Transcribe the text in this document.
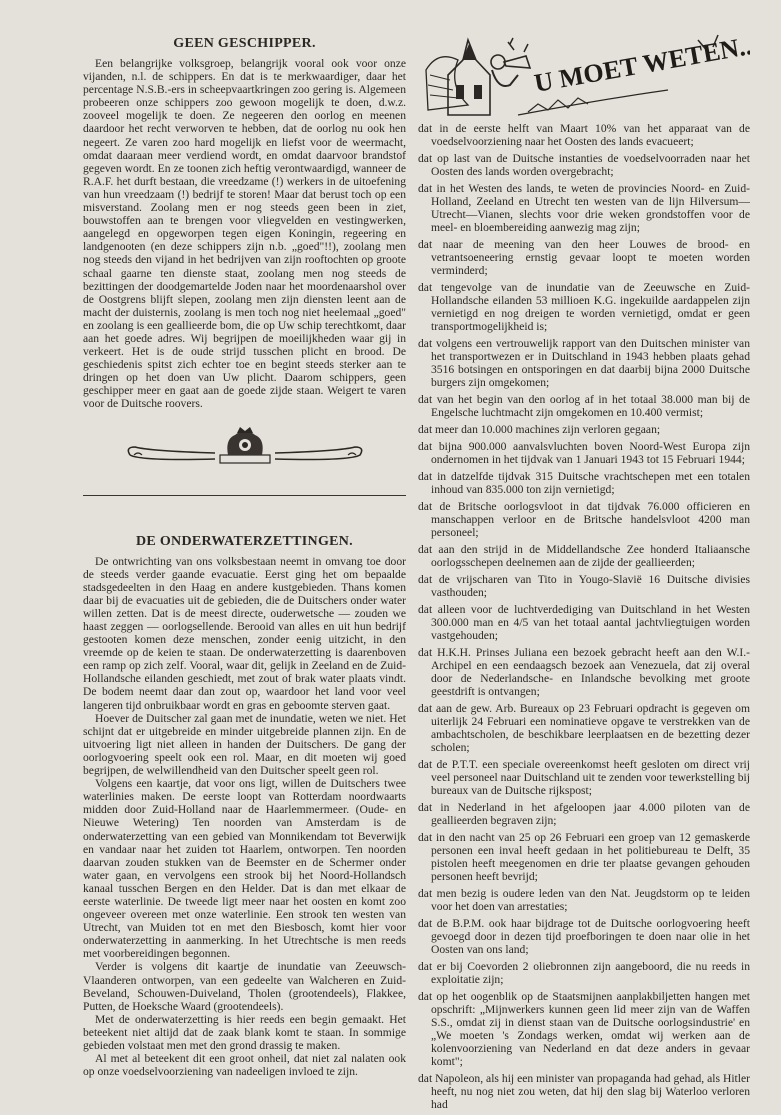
GEEN GESCHIPPER.

Een belangrijke volksgroep, belangrijk vooral ook voor onze vijanden, n.l. de schippers. En dat is te merkwaardiger, daar het percentage N.S.B.-ers in scheepvaartkringen zoo gering is. Algemeen probeeren onze schippers zoo gewoon mogelijk te doen, d.w.z. zooveel mogelijk te doen. Ze negeeren den oorlog en meenen daardoor het recht verworven te hebben, dat de oorlog nu ook hen negeert. Ze varen zoo hard mogelijk en liefst voor de weermacht, omdat daaraan meer verdiend wordt, en omdat daarvoor brandstof gegeven wordt. En ze toonen zich heftig verontwaardigd, wanneer de R.A.F. het durft bestaan, die vreedzame (!) werkers in de uitoefening van hun vreedzaam (!) bedrijf te storen! Maar dat berust toch op een misverstand. Zoolang men er nog steeds geen been in ziet, bouwstoffen aan te brengen voor vliegvelden en vestingwerken, aangelegd en opgeworpen tegen eigen Koningin, regeering en landgenooten (en deze schippers zijn n.b. „goed"!!), zoolang men nog steeds den vijand in het bedrijven van zijn rooftochten op groote schaal gaarne ten dienste staat, zoolang men nog steeds de bezittingen der doodgemartelde Joden naar het moordenaarshol over de Oostgrens blijft slepen, zoolang men zijn diensten leent aan de macht der duisternis, zoolang is men toch nog niet heelemaal „goed" en zoolang is een geallieerde bom, die op Uw schip terechtkomt, daar aan het goede adres. Wij begrijpen de moeilijkheden waar gij in verkeert. Het is de oude strijd tusschen plicht en brood. De geschiedenis spitst zich echter toe en begint steeds sterker aan te dringen op het doen van Uw plicht. Daarom schippers, geen geschipper meer en gaat aan de goede zijde staan. Weigert te varen voor de Duitsche roovers.

DE ONDERWATERZETTINGEN.

De ontwrichting van ons volksbestaan neemt in omvang toe door de steeds verder gaande evacuatie. Eerst ging het om bepaalde stadsgedeelten in den Haag en andere kustgebieden. Thans komen daar bij de evacuaties uit de gebieden, die de Duitschers onder water willen zetten. Dat is de meest directe, ouderwetsche — zouden we haast zeggen — oorlogsellende. Berooid van alles en uit hun bedrijf gestooten komen deze menschen, zonder eenig uitzicht, in den vreemde op de keien te staan. De onderwaterzetting is daarenboven een ramp op zich zelf. Vooral, waar dit, gelijk in Zeeland en de Zuid-Hollandsche eilanden geschiedt, met zout of brak water plaats vindt. De bodem neemt daar dan zout op, waardoor het land voor veel langeren tijd onbruikbaar wordt en gras en geboomte sterven gaat.

Hoever de Duitscher zal gaan met de inundatie, weten we niet. Het schijnt dat er uitgebreide en minder uitgebreide plannen zijn. En de uitvoering ligt niet alleen in handen der Duitschers. De gang der oorlogvoering speelt ook een rol. Maar, en dit moeten wij goed begrijpen, de welwillendheid van den Duitscher speelt geen rol.

Volgens een kaartje, dat voor ons ligt, willen de Duitschers twee waterlinies maken. De eerste loopt van Rotterdam noordwaarts midden door Zuid-Holland naar de Haarlemmermeer. (Oude- en Nieuwe Wetering) Ten noorden van Amsterdam is de onderwaterzetting van een gebied van Monnikendam tot Beverwijk en vandaar naar het zuiden tot Haarlem, ontworpen. Ten noorden daarvan zouden stukken van de Beemster en de Schermer onder water gaan, en vervolgens een strook bij het Noord-Hollandsch kanaal tusschen Bergen en den Helder. Dat is dan met elkaar de eerste waterlinie. De tweede ligt meer naar het oosten en komt zoo ongeveer overeen met onze waterlinie. Een strook ten westen van Utrecht, van Muiden tot en met den Biesbosch, komt hier voor onderwaterzetting in aanmerking. In het Utrechtsche is men reeds met voorbereidingen begonnen.

Verder is volgens dit kaartje de inundatie van Zeeuwsch-Vlaanderen ontworpen, van een gedeelte van Walcheren en Zuid-Beveland, Schouwen-Duiveland, Tholen (grootendeels), Flakkee, Putten, de Hoeksche Waard (grootendeels).

Met de onderwaterzetting is hier reeds een begin gemaakt. Het beteekent niet altijd dat de zaak blank komt te staan. In sommige gebieden volstaat men met den grond drassig te maken.

Al met al beteekent dit een groot onheil, dat niet zal nalaten ook op onze voedselvoorziening van nadeeligen invloed te zijn.

U MOET WETEN...

dat in de eerste helft van Maart 10% van het apparaat van de voedselvoorziening naar het Oosten des lands evacueert;

dat op last van de Duitsche instanties de voedselvoorraden naar het Oosten des lands worden overgebracht;

dat in het Westen des lands, te weten de provincies Noord- en Zuid-Holland, Zeeland en Utrecht ten westen van de lijn Hilversum—Utrecht—Vianen, slechts voor drie weken grondstoffen voor de meel- en bloembereiding aanwezig mag zijn;

dat naar de meening van den heer Louwes de brood- en vetrantsoeneering ernstig gevaar loopt te moeten worden verminderd;

dat tengevolge van de inundatie van de Zeeuwsche en Zuid-Hollandsche eilanden 53 millioen K.G. ingekuilde aardappelen zijn vernietigd en nog dreigen te worden vernietigd, omdat er geen transportmogelijkheid is;

dat volgens een vertrouwelijk rapport van den Duitschen minister van het transportwezen er in Duitschland in 1943 hebben plaats gehad 3516 botsingen en ontsporingen en dat daarbij bijna 2000 Duitsche burgers zijn omgekomen;

dat van het begin van den oorlog af in het totaal 38.000 man bij de Engelsche luchtmacht zijn omgekomen en 10.400 vermist;

dat meer dan 10.000 machines zijn verloren gegaan;

dat bijna 900.000 aanvalsvluchten boven Noord-West Europa zijn ondernomen in het tijdvak van 1 Januari 1943 tot 15 Februari 1944;

dat in datzelfde tijdvak 315 Duitsche vrachtschepen met een totalen inhoud van 835.000 ton zijn vernietigd;

dat de Britsche oorlogsvloot in dat tijdvak 76.000 officieren en manschappen verloor en de Britsche handelsvloot 4200 man personeel;

dat aan den strijd in de Middellandsche Zee honderd Italiaansche oorlogsschepen deelnemen aan de zijde der geallieerden;

dat de vrijscharen van Tito in Yougo-Slavië 16 Duitsche divisies vasthouden;

dat alleen voor de luchtverdediging van Duitschland in het Westen 300.000 man en 4/5 van het totaal aantal jachtvliegtuigen worden vastgehouden;

dat H.K.H. Prinses Juliana een bezoek gebracht heeft aan den W.I.-Archipel en een eendaagsch bezoek aan Venezuela, dat zij overal door de Nederlandsche- en Inlandsche bevolking met groote geestdrift is ontvangen;

dat aan de gew. Arb. Bureaux op 23 Februari opdracht is gegeven om uiterlijk 24 Februari een nominatieve opgave te verstrekken van de ambachtscholen, de beschikbare leerplaatsen en de bezetting dezer scholen;

dat de P.T.T. een speciale overeenkomst heeft gesloten om direct vrij veel personeel naar Duitschland uit te zenden voor tewerkstelling bij bureaux van de Duitsche rijkspost;

dat in Nederland in het afgeloopen jaar 4.000 piloten van de geallieerden begraven zijn;

dat in den nacht van 25 op 26 Februari een groep van 12 gemaskerde personen een inval heeft gedaan in het politiebureau te Delft, 35 pistolen heeft meegenomen en drie ter plaatse gevangen gehouden personen heeft bevrijd;

dat men bezig is oudere leden van den Nat. Jeugdstorm op te leiden voor het doen van arrestaties;

dat de B.P.M. ook haar bijdrage tot de Duitsche oorlogvoering heeft gevoegd door in dezen tijd proefboringen te doen naar olie in het Oosten van ons land;

dat er bij Coevorden 2 oliebronnen zijn aangeboord, die nu reeds in exploitatie zijn;

dat op het oogenblik op de Staatsmijnen aanplakbiljetten hangen met opschrift: „Mijnwerkers kunnen geen lid meer zijn van de Waffen S.S., omdat zij in dienst staan van de Duitsche oorlogsindustrie' en „We moeten 's Zondags werken, omdat wij werken aan de kolenvoorziening van Nederland en dat deze anders in gevaar komt";

dat Napoleon, als hij een minister van propaganda had gehad, als Hitler heeft, nu nog niet zou weten, dat hij den slag bij Waterloo verloren had
